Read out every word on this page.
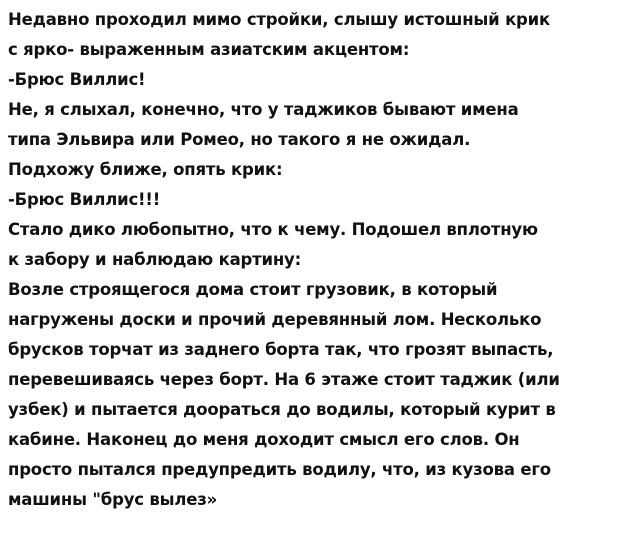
Недавно проходил мимо стройки, слышу истошный крик
с ярко- выраженным азиатским акцентом:
-Брюс Виллис!
Не, я слыхал, конечно, что у таджиков бывают имена
типа Эльвира или Ромео, но такого я не ожидал.
Подхожу ближе, опять крик:
-Брюс Виллис!!!
Стало дико любопытно, что к чему. Подошел вплотную
к забору и наблюдаю картину:
Возле строящегося дома стоит грузовик, в который
нагружены доски и прочий деревянный лом. Несколько
брусков торчат из заднего борта так, что грозят выпасть,
перевешиваясь через борт. На 6 этаже стоит таджик (или
узбек) и пытается доораться до водилы, который курит в
кабине. Наконец до меня доходит смысл его слов. Он
просто пытался предупредить водилу, что, из кузова его
машины "брус вылез»
